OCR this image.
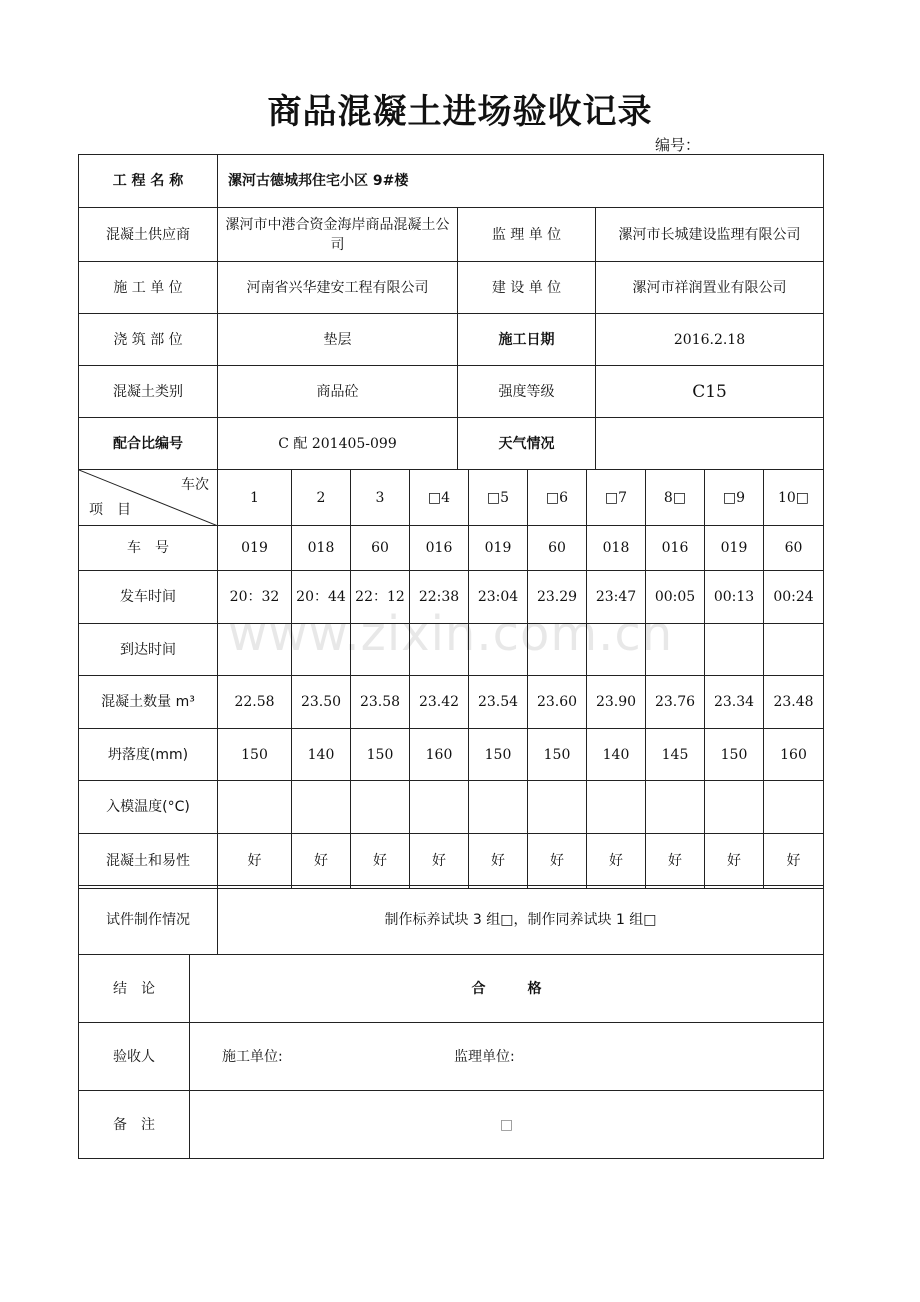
商品混凝土进场验收记录
编号：
工 程 名 称	漯河古德城邦住宅小区 9#楼		
混凝土供应商	漯河市中港合资金海岸商品混凝土公司	监 理 单 位	漯河市长城建设监理有限公司
施 工 单 位	河南省兴华建安工程有限公司	建 设 单 位	漯河市祥润置业有限公司
浇 筑 部 位	垫层	施工日期	2016.2.18
混凝土类别	商品砼	强度等级	C15
配合比编号	C 配 201405-099	天气情况	
车次
项　目	1	2	3	□4	□5	□6	□7	8□	□9	10□
车　号	019	018	60	016	019	60	018	016	019	60
发车时间	20：32	20：44	22：12	22:38	23:04	23.29	23:47	00:05	00:13	00:24
到达时间										
混凝土数量 m³	22.58	23.50	23.58	23.42	23.54	23.60	23.90	23.76	23.34	23.48
坍落度(mm)	150	140	150	160	150	150	140	145	150	160
入模温度(°C)										
混凝土和易性	好	好	好	好	好	好	好	好	好	好
试件制作情况		制作标养试块 3 组□，制作同养试块 1 组□
结　论	合　　　格	
验收人	施工单位: 监理单位:	
备　注	□	
www.zixin.com.cn
